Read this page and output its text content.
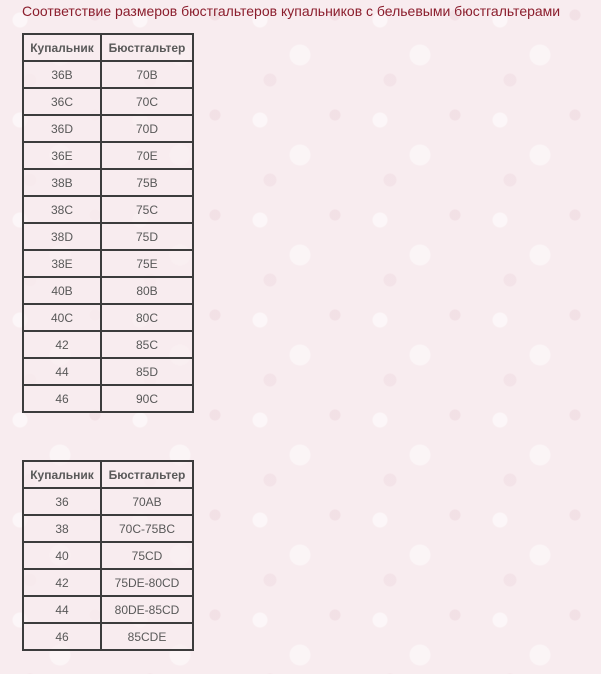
Соответствие размеров бюстгальтеров купальников с бельевыми бюстгальтерами
Купальник	Бюстгальтер
36B	70B
36C	70C
36D	70D
36E	70E
38B	75B
38C	75C
38D	75D
38E	75E
40B	80B
40C	80C
42	85C
44	85D
46	90C
Купальник	Бюстгальтер
36	70AB
38	70C-75BC
40	75CD
42	75DE-80CD
44	80DE-85CD
46	85CDE
